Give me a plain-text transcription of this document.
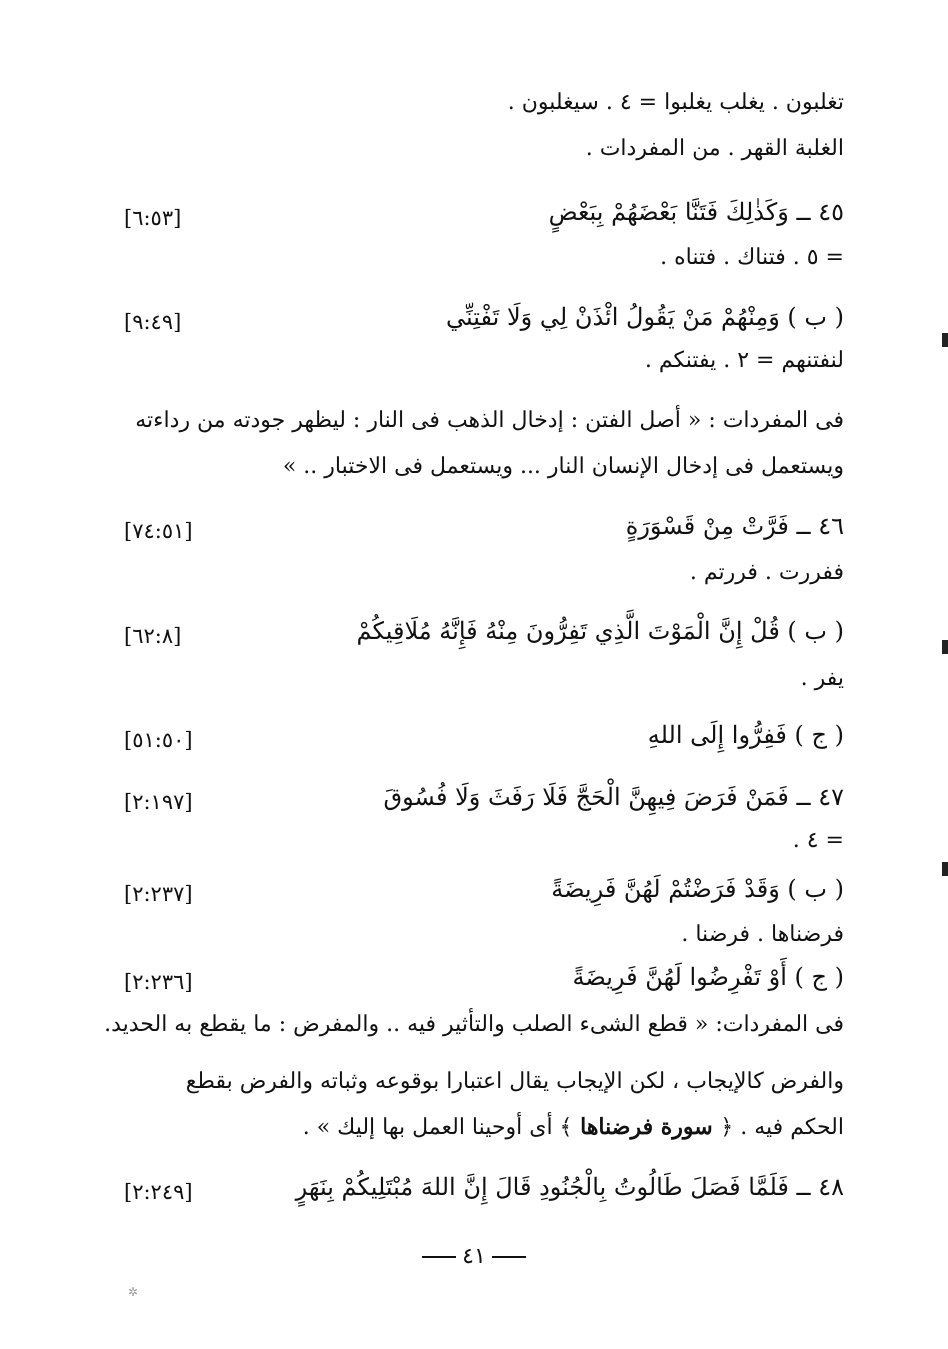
تغلبون . يغلب يغلبوا = ٤ . سيغلبون .
الغلبة القهر . من المفردات .
٤٥ ــ وَكَذٰلِكَ فَتَنَّا بَعْضَهُمْ بِبَعْضٍ
[٦:٥٣]
= ٥ . فتناك . فتناه .
( ب ) وَمِنْهُمْ مَنْ يَقُولُ ائْذَنْ لِي وَلَا تَفْتِنِّي
[٩:٤٩]
لنفتنهم = ٢ . يفتنكم .
فى المفردات : « أصل الفتن : إدخال الذهب فى النار : ليظهر جودته من رداءته
ويستعمل فى إدخال الإنسان النار ... ويستعمل فى الاختبار .. »
٤٦ ــ فَرَّتْ مِنْ قَسْوَرَةٍ
[٧٤:٥١]
ففررت . فررتم .
( ب ) قُلْ إِنَّ الْمَوْتَ الَّذِي تَفِرُّونَ مِنْهُ فَإِنَّهُ مُلَاقِيكُمْ
[٦٢:٨]
يفر .
( ج ) فَفِرُّوا إِلَى اللهِ
[٥١:٥٠]
٤٧ ــ فَمَنْ فَرَضَ فِيهِنَّ الْحَجَّ فَلَا رَفَثَ وَلَا فُسُوقَ
[٢:١٩٧]
= ٤ .
( ب ) وَقَدْ فَرَضْتُمْ لَهُنَّ فَرِيضَةً
[٢:٢٣٧]
فرضناها . فرضنا .
( ج ) أَوْ تَفْرِضُوا لَهُنَّ فَرِيضَةً
[٢:٢٣٦]
فى المفردات: « قطع الشىء الصلب والتأثير فيه .. والمفرض : ما يقطع به الحديد.
والفرض كالإيجاب ، لكن الإيجاب يقال اعتبارا بوقوعه وثباته والفرض بقطع
الحكم فيه . ﴿ سورة فرضناها ﴾ أى أوحينا العمل بها إليك » .
٤٨ ــ فَلَمَّا فَصَلَ طَالُوتُ بِالْجُنُودِ قَالَ إِنَّ اللهَ مُبْتَلِيكُمْ بِنَهَرٍ
[٢:٢٤٩]
٤١
✲
